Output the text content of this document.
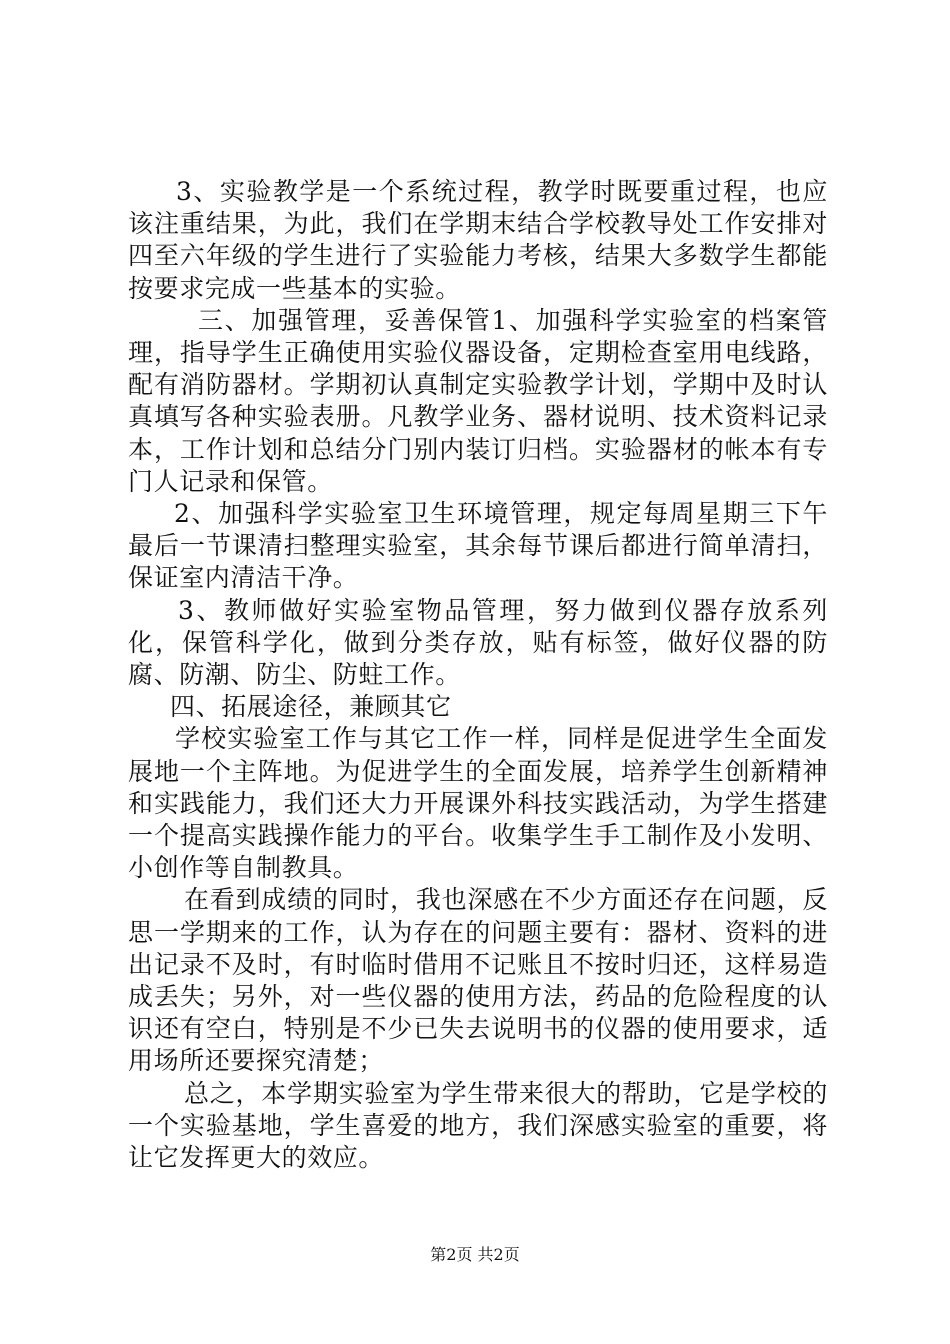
3、实验教学是一个系统过程，教学时既要重过程，也应该注重结果，为此，我们在学期末结合学校教导处工作安排对四至六年级的学生进行了实验能力考核，结果大多数学生都能按要求完成一些基本的实验。

三、加强管理，妥善保管1、加强科学实验室的档案管理，指导学生正确使用实验仪器设备，定期检查室用电线路，配有消防器材。学期初认真制定实验教学计划，学期中及时认真填写各种实验表册。凡教学业务、器材说明、技术资料记录本，工作计划和总结分门别内装订归档。实验器材的帐本有专门人记录和保管。

2、加强科学实验室卫生环境管理，规定每周星期三下午最后一节课清扫整理实验室，其余每节课后都进行简单清扫，保证室内清洁干净。

3、教师做好实验室物品管理，努力做到仪器存放系列化，保管科学化，做到分类存放，贴有标签，做好仪器的防腐、防潮、防尘、防蛀工作。

四、拓展途径，兼顾其它

学校实验室工作与其它工作一样，同样是促进学生全面发展地一个主阵地。为促进学生的全面发展，培养学生创新精神和实践能力，我们还大力开展课外科技实践活动，为学生搭建一个提高实践操作能力的平台。收集学生手工制作及小发明、小创作等自制教具。

在看到成绩的同时，我也深感在不少方面还存在问题，反思一学期来的工作，认为存在的问题主要有：器材、资料的进出记录不及时，有时临时借用不记账且不按时归还，这样易造成丢失；另外，对一些仪器的使用方法，药品的危险程度的认识还有空白，特别是不少已失去说明书的仪器的使用要求，适用场所还要探究清楚；

总之，本学期实验室为学生带来很大的帮助，它是学校的一个实验基地，学生喜爱的地方，我们深感实验室的重要，将让它发挥更大的效应。

第2页 共2页
